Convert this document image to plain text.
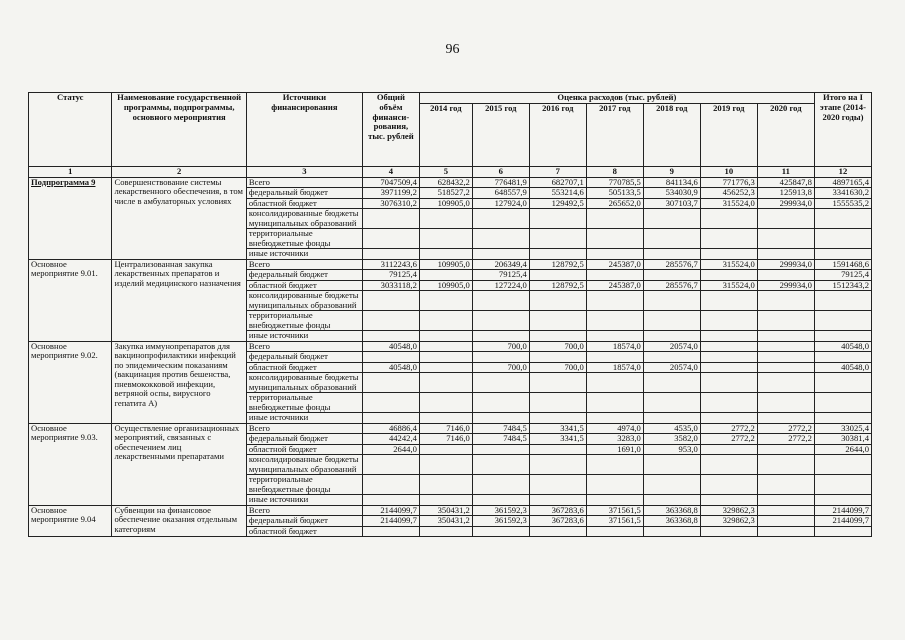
96
Статус	Наименование государственной программы, подпрограммы, основного мероприятия	Источники финансирования	Общий объём финанси-рования, тыс. рублей	Оценка расходов (тыс. рублей)							Итого на I этапе (2014-2020 годы)
				2014 год	2015 год	2016 год	2017 год	2018 год	2019 год	2020 год	
1	2	3	4	5	6	7	8	9	10	11	12
Подпрограмма 9	Совершенствование системы лекарственного обеспечения, в том числе в амбулаторных условиях	Всего	7047509,4	628432,2	776481,9	682707,1	770785,5	841134,6	771776,3	425847,8	4897165,4
		федеральный бюджет	3971199,2	518527,2	648557,9	553214,6	505133,5	534030,9	456252,3	125913,8	3341630,2
		областной бюджет	3076310,2	109905,0	127924,0	129492,5	265652,0	307103,7	315524,0	299934,0	1555535,2
		консолидированные бюджеты муниципальных образований									
		территориальные внебюджетные фонды									
		иные источники									
Основное мероприятие 9.01.	Централизованная закупка лекарственных препаратов и изделий медицинского назначения	Всего	3112243,6	109905,0	206349,4	128792,5	245387,0	285576,7	315524,0	299934,0	1591468,6
		федеральный бюджет	79125,4		79125,4						79125,4
		областной бюджет	3033118,2	109905,0	127224,0	128792,5	245387,0	285576,7	315524,0	299934,0	1512343,2
		консолидированные бюджеты муниципальных образований									
		территориальные внебюджетные фонды									
		иные источники									
Основное мероприятие 9.02.	Закупка иммунопрепаратов для вакцинопрофилактики инфекций по эпидемическим показаниям (вакцинация против бешенства, пневмококковой инфекции, ветряной оспы, вирусного гепатита А)	Всего	40548,0		700,0	700,0	18574,0	20574,0			40548,0
		федеральный бюджет									
		областной бюджет	40548,0		700,0	700,0	18574,0	20574,0			40548,0
		консолидированные бюджеты муниципальных образований									
		территориальные внебюджетные фонды									
		иные источники									
Основное мероприятие 9.03.	Осуществление организационных мероприятий, связанных с обеспечением лиц лекарственными препаратами	Всего	46886,4	7146,0	7484,5	3341,5	4974,0	4535,0	2772,2	2772,2	33025,4
		федеральный бюджет	44242,4	7146,0	7484,5	3341,5	3283,0	3582,0	2772,2	2772,2	30381,4
		областной бюджет	2644,0				1691,0	953,0			2644,0
		консолидированные бюджеты муниципальных образований									
		территориальные внебюджетные фонды									
		иные источники									
Основное мероприятие 9.04	Субвенции на финансовое обеспечение оказания отдельным категориям	Всего	2144099,7	350431,2	361592,3	367283,6	371561,5	363368,8	329862,3		2144099,7
		федеральный бюджет	2144099,7	350431,2	361592,3	367283,6	371561,5	363368,8	329862,3		2144099,7
		областной бюджет									
